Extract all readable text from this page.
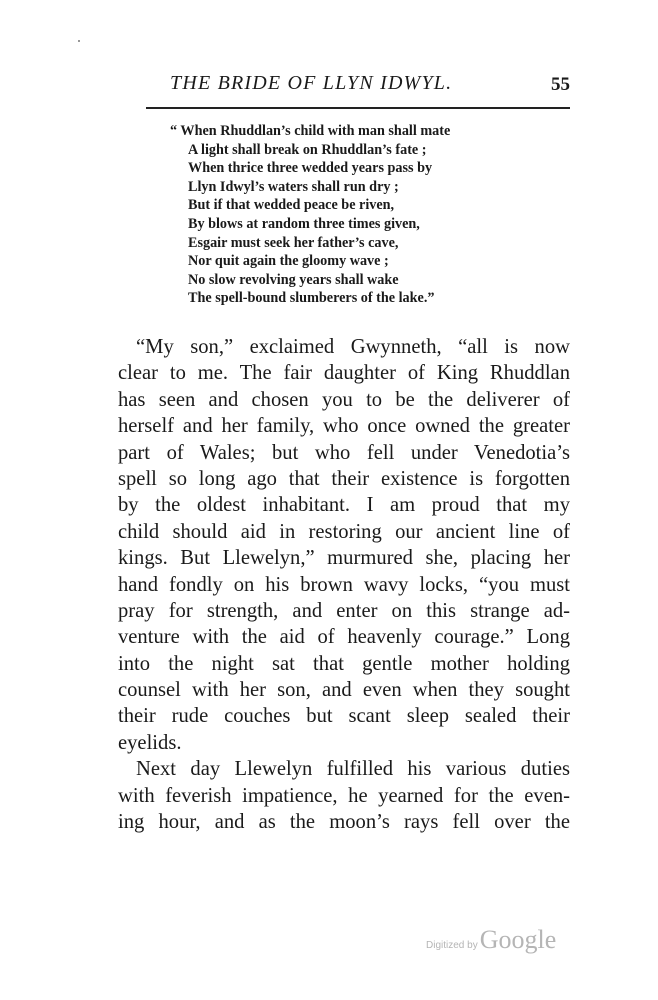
THE BRIDE OF LLYN IDWYL.	55
“ When Rhuddlan’s child with man shall mate
A light shall break on Rhuddlan’s fate ;
When thrice three wedded years pass by
Llyn Idwyl’s waters shall run dry ;
But if that wedded peace be riven,
By blows at random three times given,
Esgair must seek her father’s cave,
Nor quit again the gloomy wave ;
No slow revolving years shall wake
The spell-bound slumberers of the lake.”
“My son,” exclaimed Gwynneth, “all is now
clear to me. The fair daughter of King Rhuddlan
has seen and chosen you to be the deliverer of
herself and her family, who once owned the greater
part of Wales; but who fell under Venedotia’s
spell so long ago that their existence is forgotten
by the oldest inhabitant. I am proud that my
child should aid in restoring our ancient line of
kings. But Llewelyn,” murmured she, placing her
hand fondly on his brown wavy locks, “you must
pray for strength, and enter on this strange ad-
venture with the aid of heavenly courage.” Long
into the night sat that gentle mother holding
counsel with her son, and even when they sought
their rude couches but scant sleep sealed their
eyelids.
Next day Llewelyn fulfilled his various duties
with feverish impatience, he yearned for the even-
ing hour, and as the moon’s rays fell over the
Digitized byGoogle
